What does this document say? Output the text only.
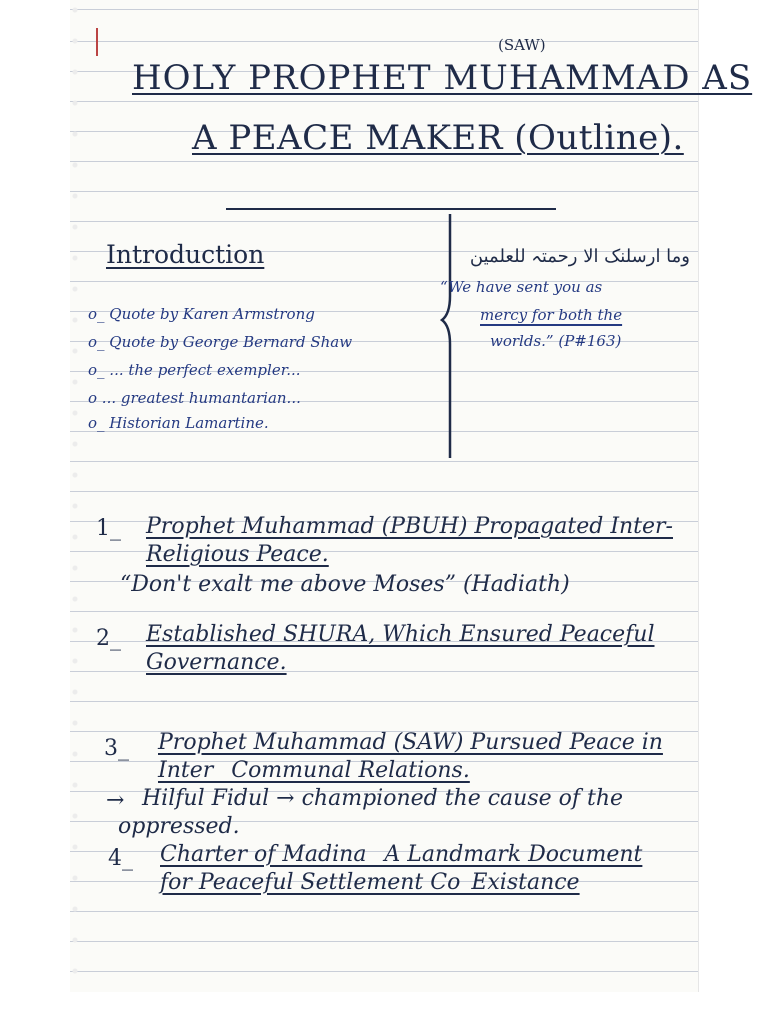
(SAW)
HOLY PROPHET MUHAMMAD AS
A PEACE MAKER (Outline).
Introduction
o_ Quote by Karen Armstrong
o_ Quote by George Bernard Shaw
o_ ... the perfect exempler...
o ... greatest humantarian...
o_ Historian Lamartine.
وما ارسلنک الا رحمتہ للعلمین
“We have sent you as
mercy for both the
worlds.” (P#163)
1_ Prophet Muhammad (PBUH) Propagated Inter-
Religious Peace.
“Don't exalt me above Moses” (Hadiath)
2_ Established SHURA, Which Ensured Peaceful
Governance.
3_ Prophet Muhammad (SAW) Pursued Peace in
Inter_ Communal Relations.
→ Hilful Fidul → championed the cause of the
oppressed.
4_ Charter of Madina_ A Landmark Document
for Peaceful Settlement Co_Existance
